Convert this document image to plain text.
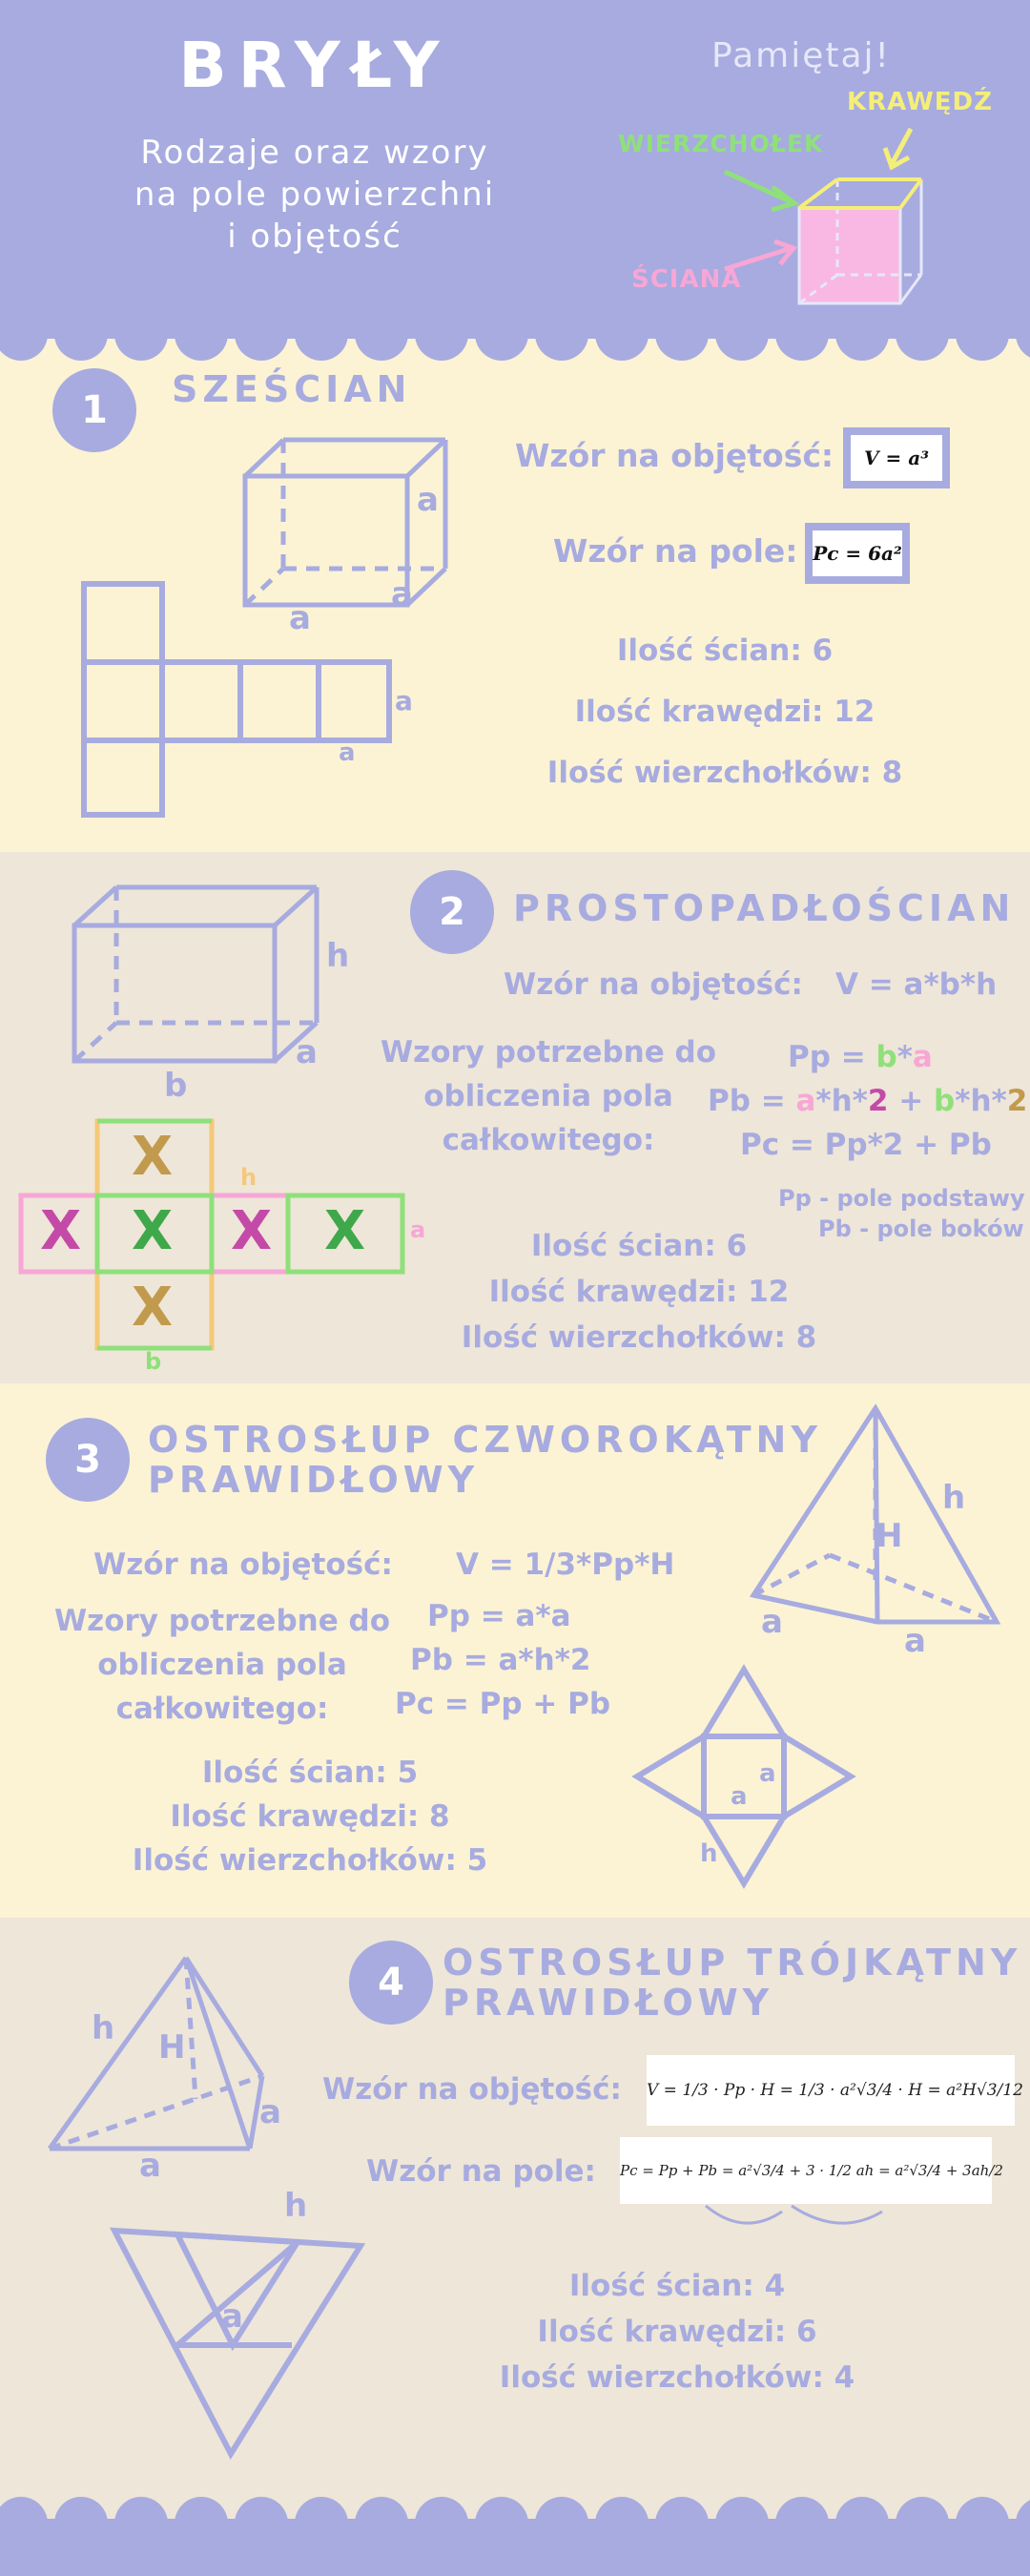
BRYŁY
Rodzaje oraz wzory
na pole powierzchni
i objętość
Pamiętaj!
KRAWĘDŹ
WIERZCHOŁEK
ŚCIANA
1	SZEŚCIAN
a
a
a
a
a
Wzór na objętość:	V = a³
Wzór na pole: Pc = 6a²
Ilość ścian: 6
Ilość krawędzi: 12
Ilość wierzchołków: 8
h
a
b
X
X
X	X
X	X
h
a
b
2	PROSTOPADŁOŚCIAN
Wzór na objętość: V = a*b*h
Wzory potrzebne do
obliczenia pola
całkowitego:
Pp = b*a
Pb = a*h*2 + b*h*2
Pc = Pp*2 + Pb
Pp - pole podstawy
Pb - pole boków
Ilość ścian: 6
Ilość krawędzi: 12
Ilość wierzchołków: 8
3	OSTROSŁUP CZWOROKĄTNY
PRAWIDŁOWY
Wzór na objętość: V = 1/3*Pp*H
Wzory potrzebne do
obliczenia pola
całkowitego:
Pp = a*a
Pb = a*h*2
Pc = Pp + Pb
Ilość ścian: 5
Ilość krawędzi: 8
Ilość wierzchołków: 5
h
H
a	a
a
a
h
4	OSTROSŁUP TRÓJKĄTNY
PRAWIDŁOWY
Wzór na objętość: V = 1/3 · Pp · H = 1/3 · a²√3/4 · H = a²H√3/12
Wzór na pole: Pc = Pp + Pb = a²√3/4 + 3 · 1/2 ah = a²√3/4 + 3ah/2
h H
a
a
h
a
Ilość ścian: 4
Ilość krawędzi: 6
Ilość wierzchołków: 4
